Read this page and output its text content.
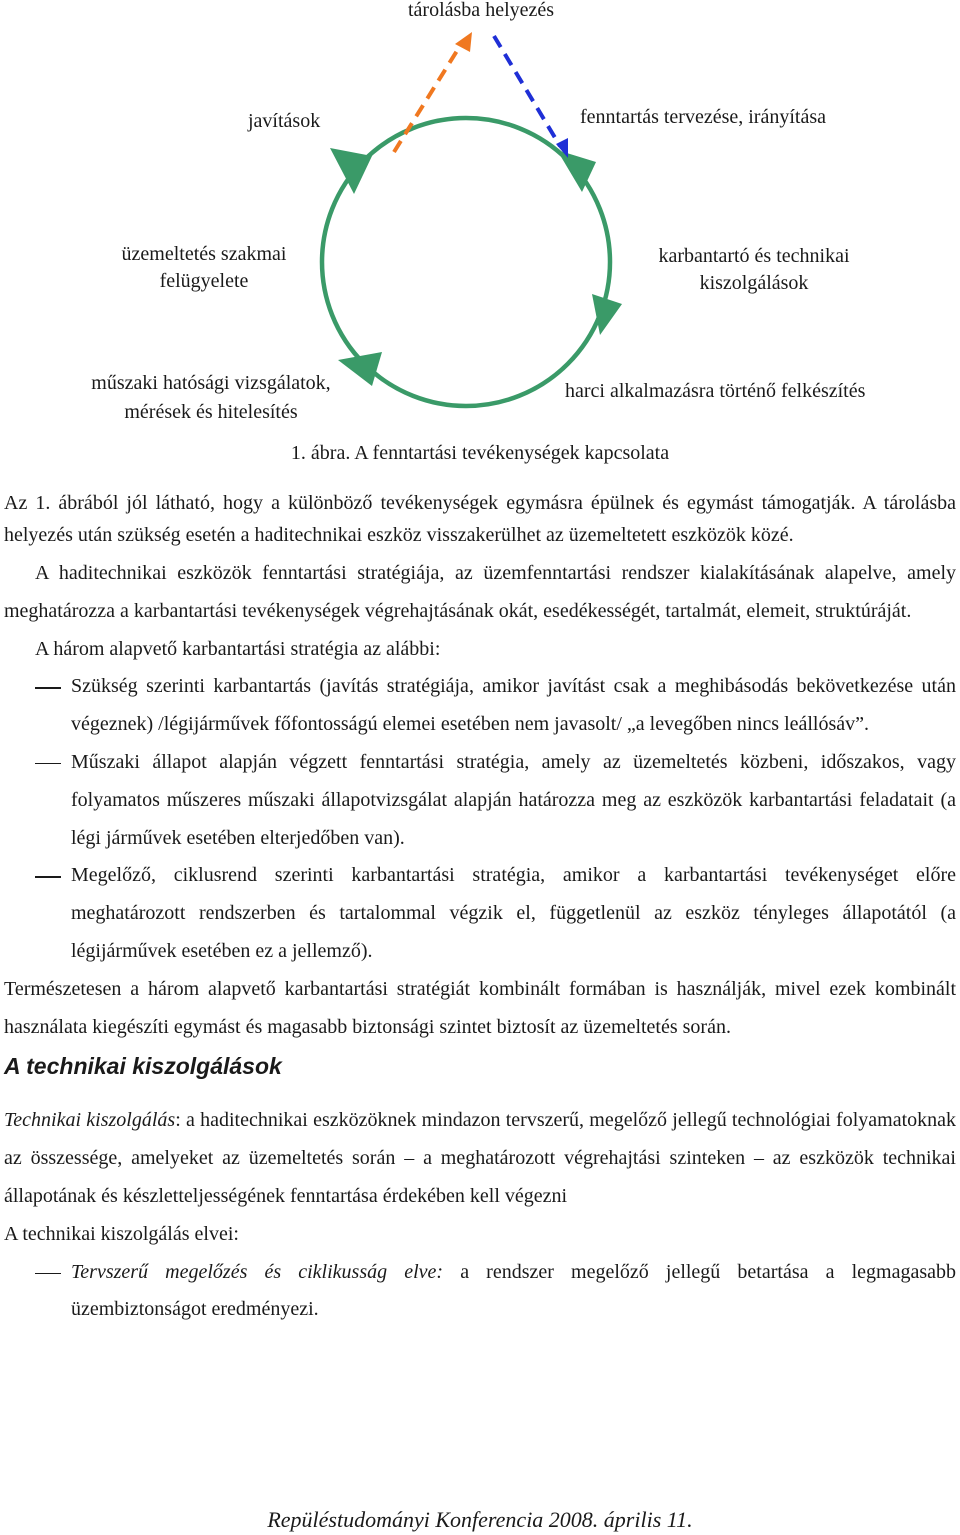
tárolásba helyezés
javítások	fenntartás tervezése, irányítása
üzemeltetés szakmai
felügyelete
karbantartó és technikai
kiszolgálások
műszaki hatósági vizsgálatok,
mérések és hitelesítés
harci alkalmazásra történő felkészítés
1. ábra. A fenntartási tevékenységek kapcsolata

Az 1. ábrából jól látható, hogy a különböző tevékenységek egymásra épülnek és egymást támogatják. A tárolásba helyezés után szükség esetén a haditechnikai eszköz visszakerülhet az üzemeltetett eszközök közé.

A haditechnikai eszközök fenntartási stratégiája, az üzemfenntartási rendszer kialakításának alapelve, amely meghatározza a karbantartási tevékenységek végrehajtásának okát, esedékességét, tartalmát, elemeit, struktúráját.

A három alapvető karbantartási stratégia az alábbi:

Szükség szerinti karbantartás (javítás stratégiája, amikor javítást csak a meghibásodás bekövetkezése után végeznek) /légijárművek főfontosságú elemei esetében nem javasolt/ „a levegőben nincs leállósáv”.

Műszaki állapot alapján végzett fenntartási stratégia, amely az üzemeltetés közbeni, időszakos, vagy folyamatos műszeres műszaki állapotvizsgálat alapján határozza meg az eszközök karbantartási feladatait (a légi járművek esetében elterjedőben van).

Megelőző, ciklusrend szerinti karbantartási stratégia, amikor a karbantartási tevékenységet előre meghatározott rendszerben és tartalommal végzik el, függetlenül az eszköz tényleges állapotától (a légijárművek esetében ez a jellemző).

Természetesen a három alapvető karbantartási stratégiát kombinált formában is használják, mivel ezek kombinált használata kiegészíti egymást és magasabb biztonsági szintet biztosít az üzemeltetés során.

A technikai kiszolgálások

Technikai kiszolgálás: a haditechnikai eszközöknek mindazon tervszerű, megelőző jellegű technológiai folyamatoknak az összessége, amelyeket az üzemeltetés során – a meghatározott végrehajtási szinteken – az eszközök technikai állapotának és készletteljességének fenntartása érdekében kell végezni

A technikai kiszolgálás elvei:

Tervszerű megelőzés és ciklikusság elve: a rendszer megelőző jellegű betartása a legmagasabb üzembiztonságot eredményezi.

Repüléstudományi Konferencia 2008. április 11.
